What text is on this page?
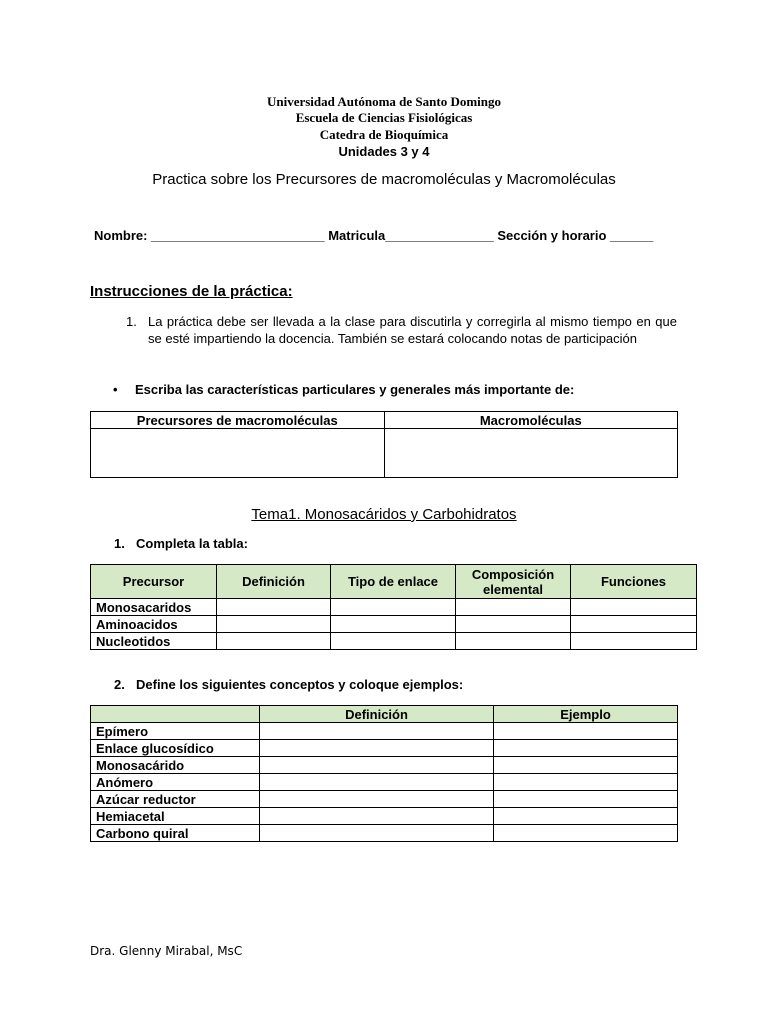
Universidad Autónoma de Santo Domingo
Escuela de Ciencias Fisiológicas
Catedra de Bioquímica
Unidades 3 y 4
Practica sobre los Precursores de macromoléculas y Macromoléculas
Nombre: ________________________ Matricula_______________ Sección y horario ______
Instrucciones de la práctica:
1. La práctica debe ser llevada a la clase para discutirla y corregirla al mismo tiempo en que se esté impartiendo la docencia. También se estará colocando notas de participación
• Escriba las características particulares y generales más importante de:
Precursores de macromoléculas	Macromoléculas

Tema1. Monosacáridos y Carbohidratos
1. Completa la tabla:
Precursor	Definición	Tipo de enlace	Composición elemental	Funciones
Monosacaridos				
Aminoacidos				
Nucleotidos				
2. Define los siguientes conceptos y coloque ejemplos:
	Definición	Ejemplo
Epímero		
Enlace glucosídico		
Monosacárido		
Anómero		
Azúcar reductor		
Hemiacetal		
Carbono quiral		
Dra. Glenny Mirabal, MsC
